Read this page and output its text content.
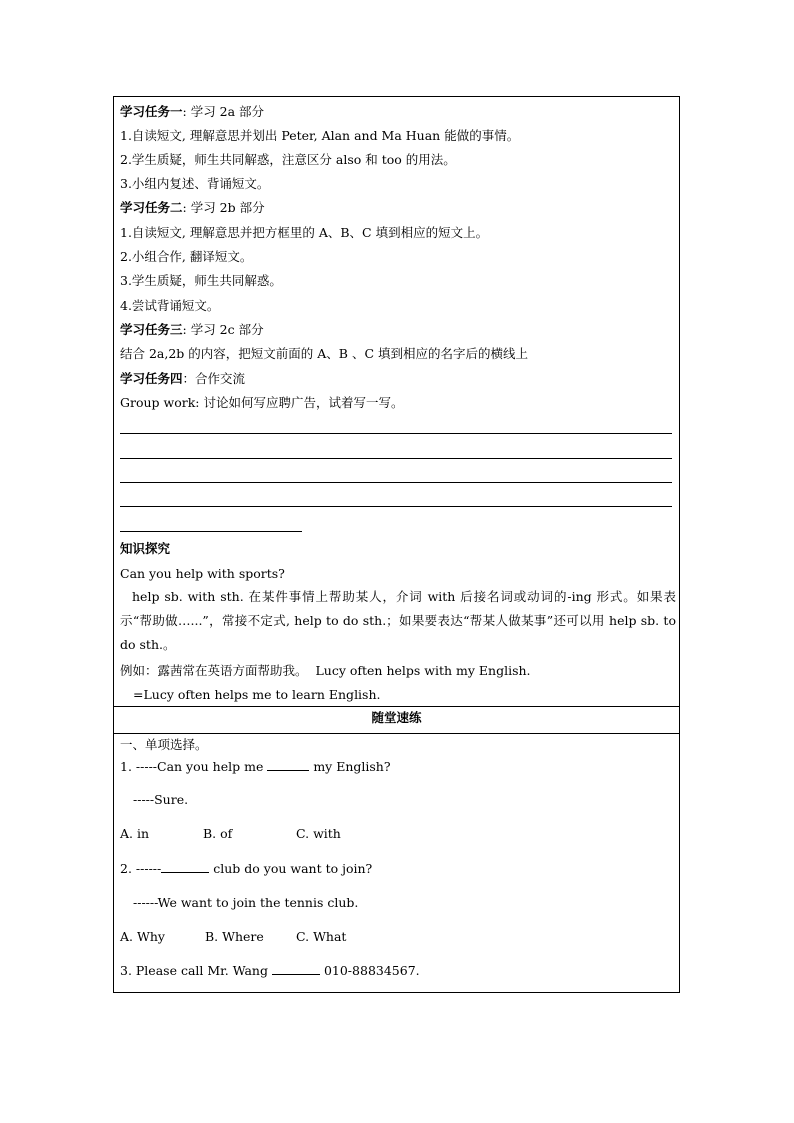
学习任务一: 学习 2a 部分
1.自读短文, 理解意思并划出 Peter, Alan and Ma Huan 能做的事情。
2.学生质疑，师生共同解惑，注意区分 also 和 too 的用法。
3.小组内复述、背诵短文。
学习任务二: 学习 2b 部分
1.自读短文, 理解意思并把方框里的 A、B、C 填到相应的短文上。
2.小组合作, 翻译短文。
3.学生质疑，师生共同解惑。
4.尝试背诵短文。
学习任务三: 学习 2c 部分
结合 2a,2b 的内容，把短文前面的 A、B 、C 填到相应的名字后的横线上
学习任务四：合作交流
Group work: 讨论如何写应聘广告，试着写一写。
知识探究
Can you help with sports?
help sb. with sth. 在某件事情上帮助某人，介词 with 后接名词或动词的-ing 形式。如果表示“帮助做…...”，常接不定式, help to do sth.；如果要表达“帮某人做某事”还可以用 help sb. to do sth.。
例如：露茜常在英语方面帮助我。 Lucy often helps with my English.
=Lucy often helps me to learn English.
随堂速练
一、单项选择。
1. -----Can you help me	my English?
-----Sure.
A. in	B. of	C. with
2. ------	club do you want to join?
------We want to join the tennis club.
A. Why	B. Where	C. What
3. Please call Mr. Wang	010-88834567.
